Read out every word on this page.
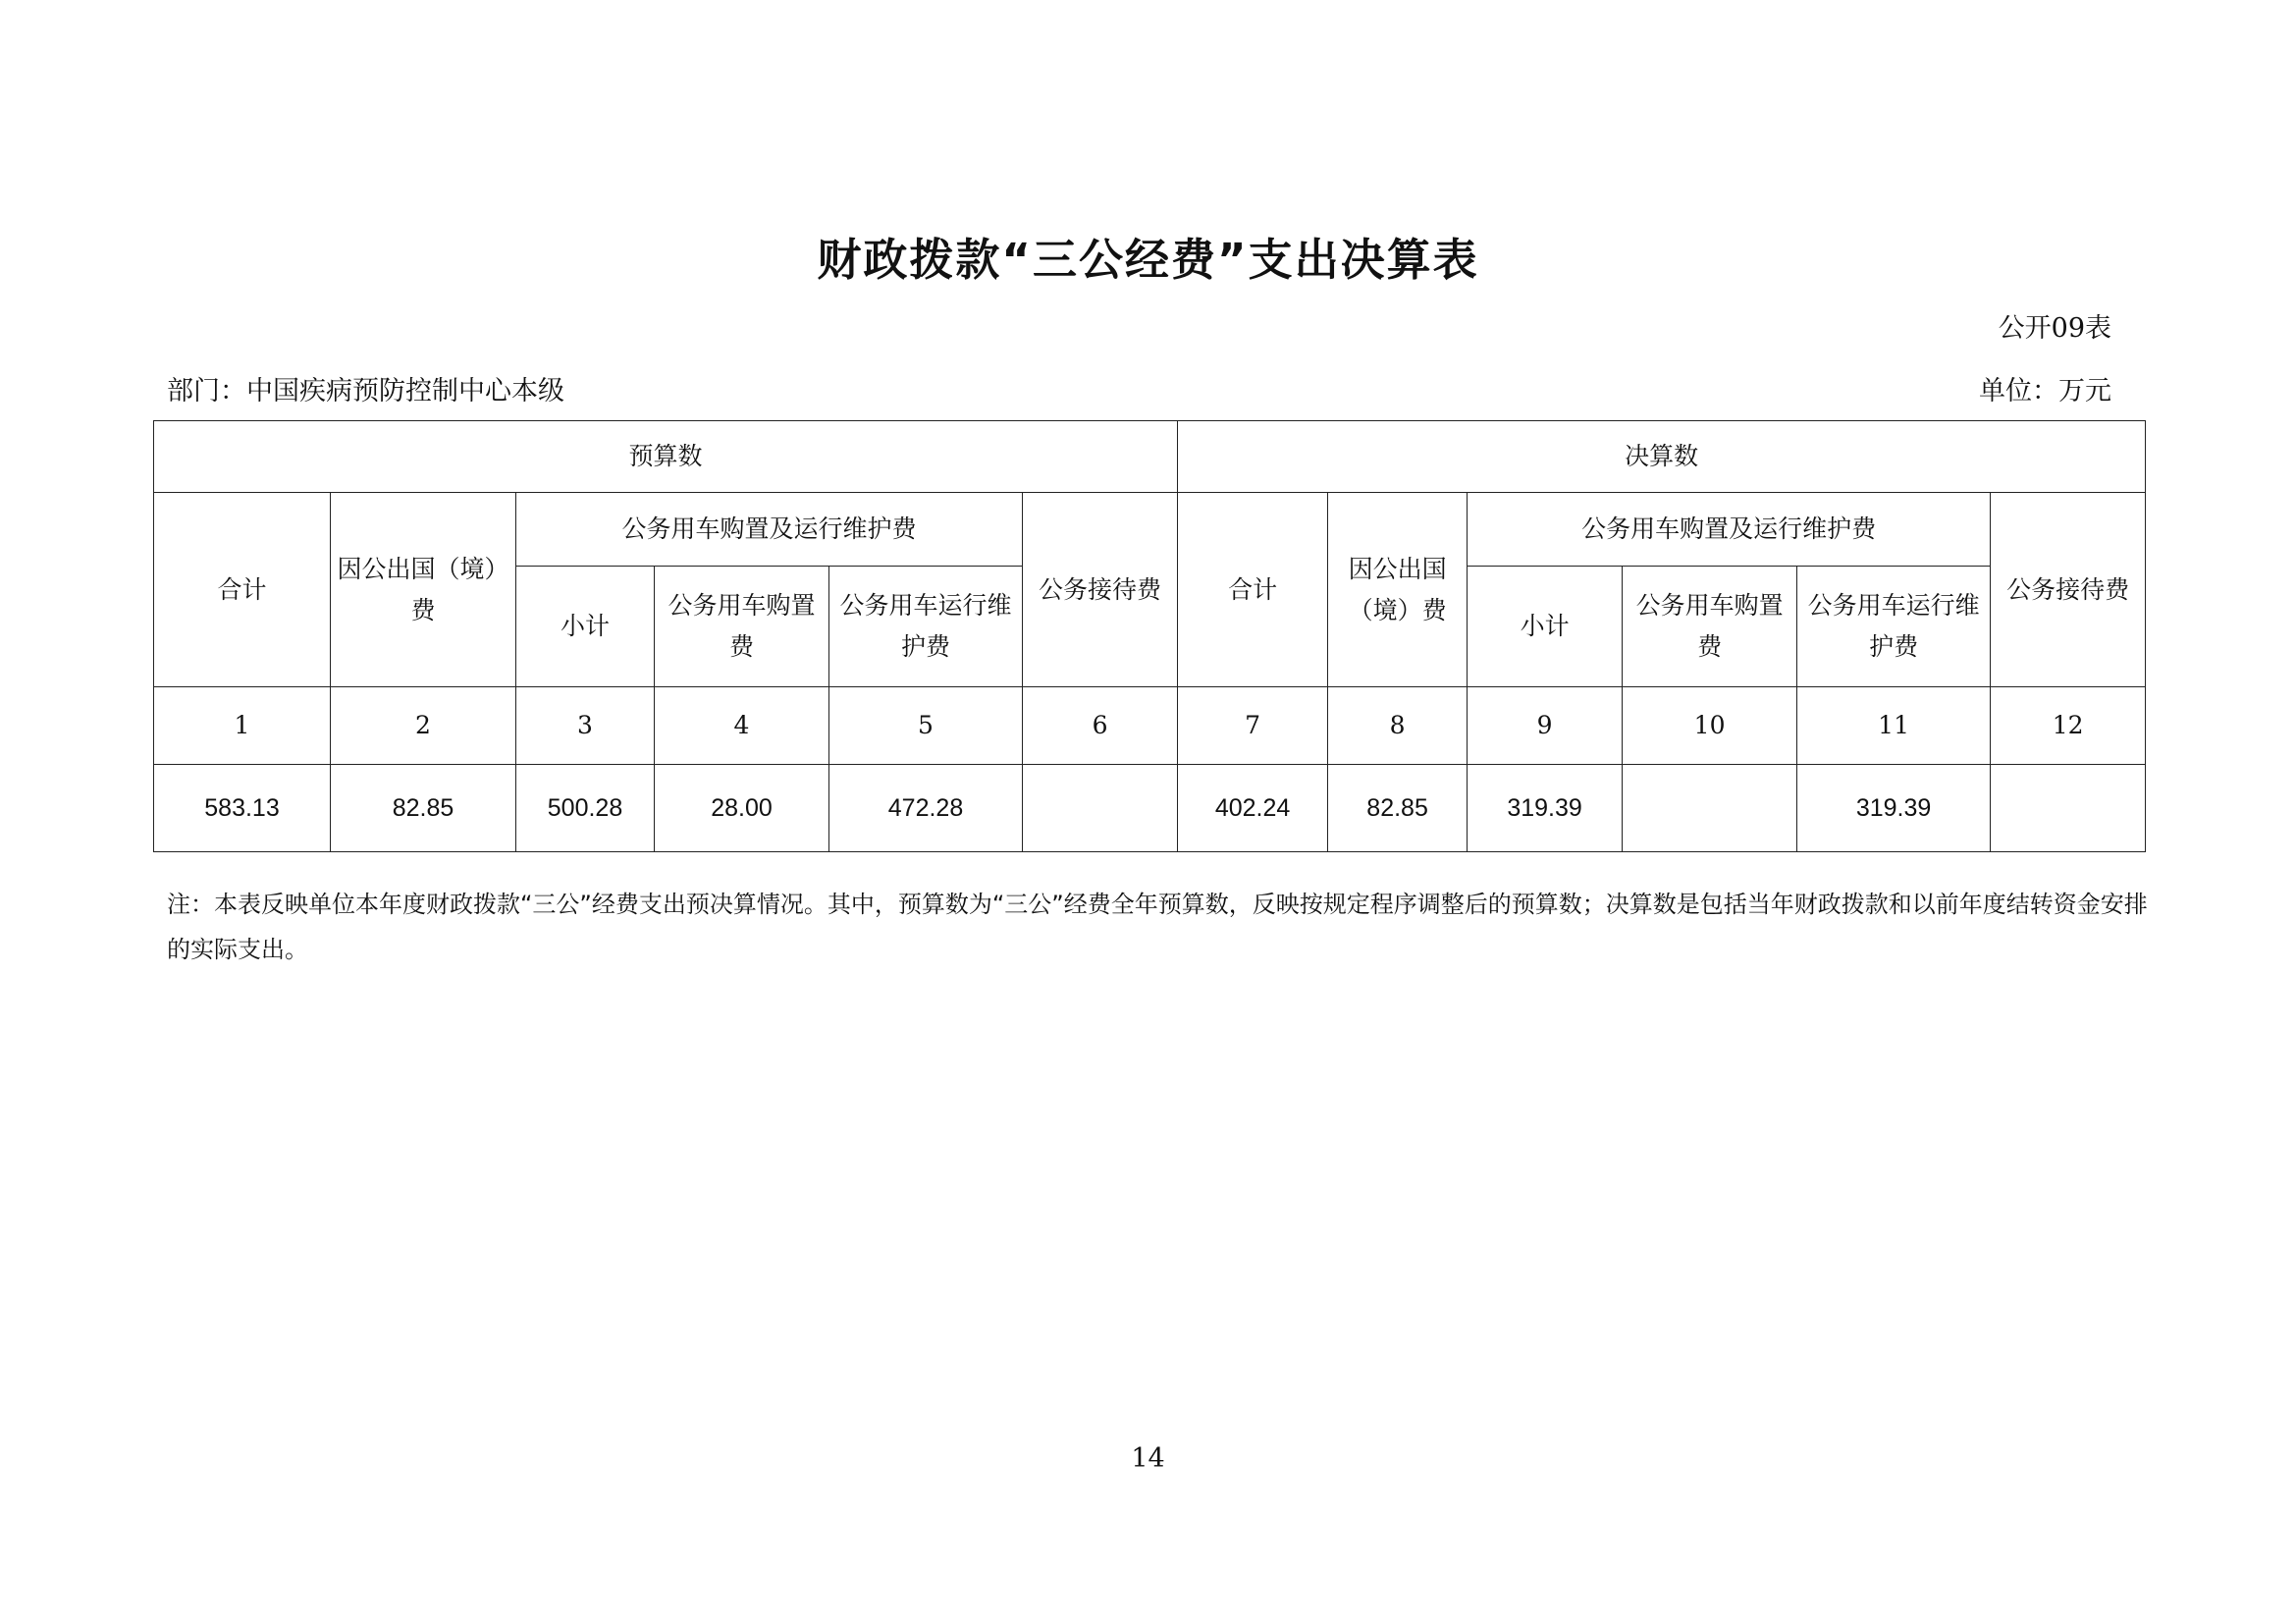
财政拨款“三公经费”支出决算表
公开09表
部门：中国疾病预防控制中心本级	单位：万元
预算数						决算数					
合计	因公出国（境）费	公务用车购置及运行维护费			公务接待费	合计	因公出国（境）费	公务用车购置及运行维护费			公务接待费
		小计	公务用车购置费	公务用车运行维护费				小计	公务用车购置费	公务用车运行维护费	
1	2	3	4	5	6	7	8	9	10	11	12
583.13	82.85	500.28	28.00	472.28		402.24	82.85	319.39		319.39	
注：本表反映单位本年度财政拨款“三公”经费支出预决算情况。其中，预算数为“三公”经费全年预算数，反映按规定程序调整后的预算数；决算数是包括当年财政拨款和以前年度结转资金安排的实际支出。
14
